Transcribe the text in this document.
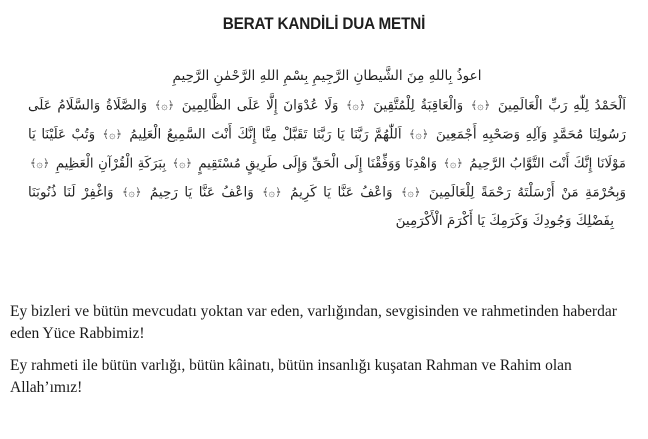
BERAT KANDİLİ DUA METNİ
اعوذُ بِاللهِ مِنَ الشَّيطانِ الرَّجِيمِ بِسْمِ اللهِ الرَّحْمٰنِ الرَّحِيمِ
اَلْحَمْدُ لِلّٰهِ رَبِّ الْعَالَمِينَ ﴿۞﴾ وَالْعَاقِبَةُ لِلْمُتَّقِينَ ﴿۞﴾ وَلَا عُدْوَانَ إِلَّا عَلَى الظَّالِمِينَ ﴿۞﴾ وَالصَّلَاةُ وَالسَّلَامُ عَلَى
رَسُولِنَا مُحَمَّدٍ وَآلِهِ وَصَحْبِهِ أَجْمَعِينَ ﴿۞﴾ اَللّٰهُمَّ رَبَّنَا يَا رَبَّنَا تَقَبَّلْ مِنَّا إِنَّكَ أَنْتَ السَّمِيعُ الْعَلِيمُ ﴿۞﴾ وَتُبْ عَلَيْنَا يَا
مَوْلَانَا إِنَّكَ أَنْتَ التَّوَّابُ الرَّحِيمُ ﴿۞﴾ وَاهْدِنَا وَوَفِّقْنَا إِلَى الْحَقِّ وَإِلَى طَرِيقٍ مُسْتَقِيمٍ ﴿۞﴾ بِبَرَكَةِ الْقُرْآنِ الْعَظِيمِ ﴿۞﴾
وَبِحُرْمَةِ مَنْ أَرْسَلْتَهُ رَحْمَةً لِلْعَالَمِينَ ﴿۞﴾ وَاعْفُ عَنَّا يَا كَرِيمُ ﴿۞﴾ وَاعْفُ عَنَّا يَا رَحِيمُ ﴿۞﴾ وَاغْفِرْ لَنَا ذُنُوبَنَا
بِفَضْلِكَ وَجُودِكَ وَكَرَمِكَ يَا أَكْرَمَ الْأَكْرَمِينَ
Ey bizleri ve bütün mevcudatı yoktan var eden, varlığından, sevgisinden ve rahmetinden haberdar eden Yüce Rabbimiz!
Ey rahmeti ile bütün varlığı, bütün kâinatı, bütün insanlığı kuşatan Rahman ve Rahim olan Allah’ımız!
